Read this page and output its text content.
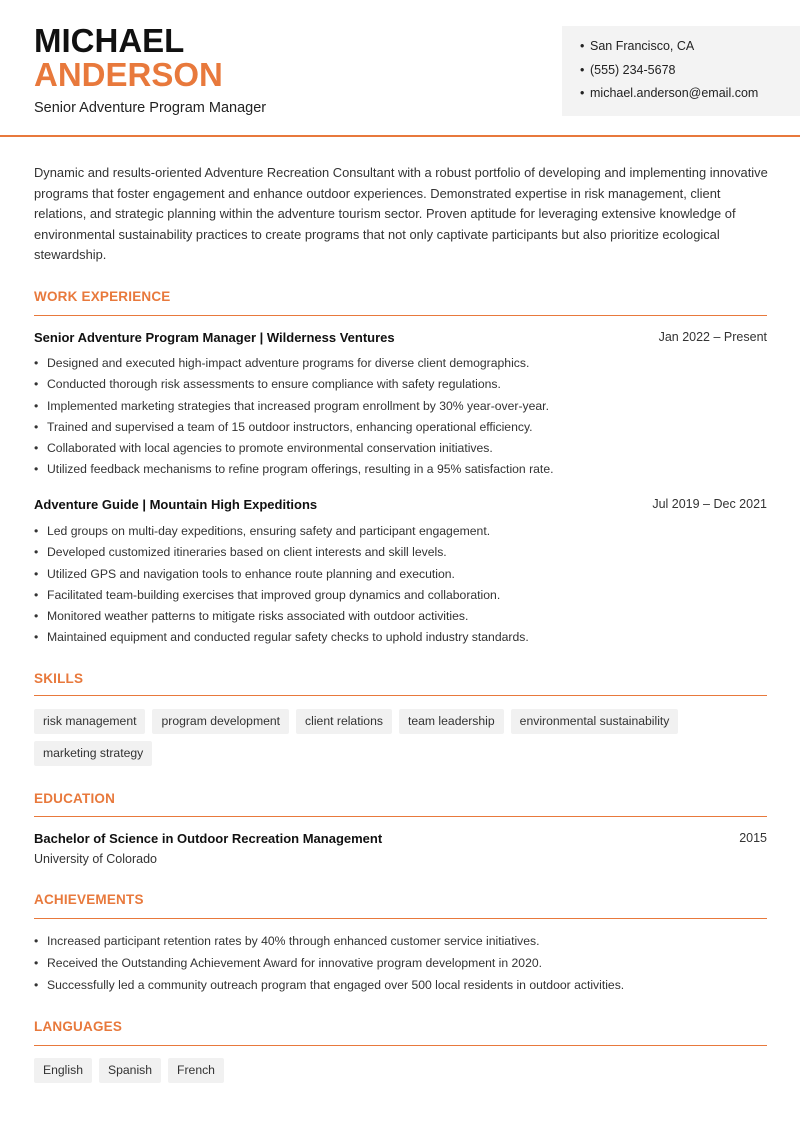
MICHAEL
ANDERSON
Senior Adventure Program Manager
• San Francisco, CA
• (555) 234-5678
• michael.anderson@email.com
Dynamic and results-oriented Adventure Recreation Consultant with a robust portfolio of developing and implementing innovative programs that foster engagement and enhance outdoor experiences. Demonstrated expertise in risk management, client relations, and strategic planning within the adventure tourism sector. Proven aptitude for leveraging extensive knowledge of environmental sustainability practices to create programs that not only captivate participants but also prioritize ecological stewardship.
WORK EXPERIENCE
Senior Adventure Program Manager | Wilderness Ventures	Jan 2022 – Present
• Designed and executed high-impact adventure programs for diverse client demographics.
• Conducted thorough risk assessments to ensure compliance with safety regulations.
• Implemented marketing strategies that increased program enrollment by 30% year-over-year.
• Trained and supervised a team of 15 outdoor instructors, enhancing operational efficiency.
• Collaborated with local agencies to promote environmental conservation initiatives.
• Utilized feedback mechanisms to refine program offerings, resulting in a 95% satisfaction rate.
Adventure Guide | Mountain High Expeditions	Jul 2019 – Dec 2021
• Led groups on multi-day expeditions, ensuring safety and participant engagement.
• Developed customized itineraries based on client interests and skill levels.
• Utilized GPS and navigation tools to enhance route planning and execution.
• Facilitated team-building exercises that improved group dynamics and collaboration.
• Monitored weather patterns to mitigate risks associated with outdoor activities.
• Maintained equipment and conducted regular safety checks to uphold industry standards.
SKILLS
risk management	program development	client relations	team leadership	environmental sustainability
marketing strategy
EDUCATION
Bachelor of Science in Outdoor Recreation Management	2015
University of Colorado
ACHIEVEMENTS
• Increased participant retention rates by 40% through enhanced customer service initiatives.
• Received the Outstanding Achievement Award for innovative program development in 2020.
• Successfully led a community outreach program that engaged over 500 local residents in outdoor activities.
LANGUAGES
English	Spanish	French
